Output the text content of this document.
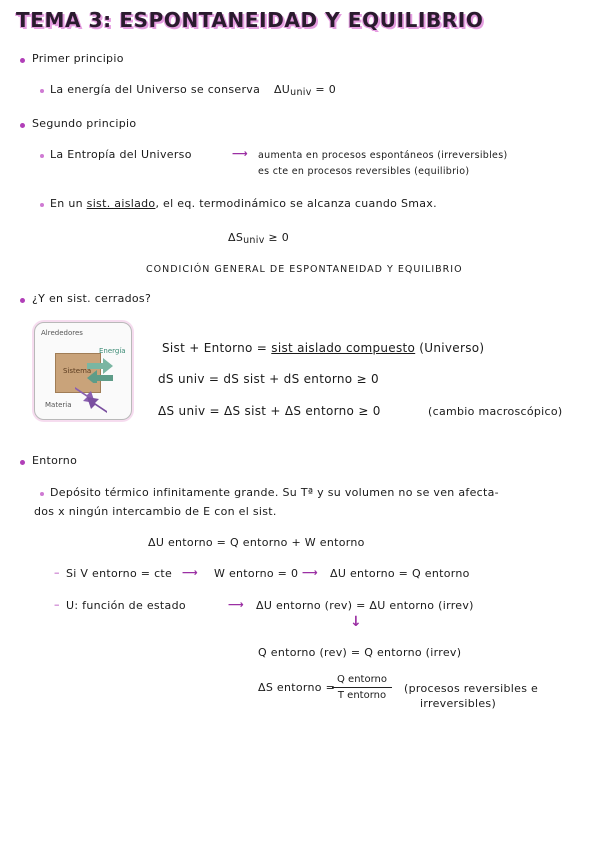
TEMA 3: ESPONTANEIDAD Y EQUILIBRIO
Primer principio
La energía del Universo se conserva ΔUuniv = 0
Segundo principio
La Entropía del Universo	⟶ aumenta en procesos espontáneos (irreversibles)
es cte en procesos reversibles (equilibrio)
En un sist. aislado, el eq. termodinámico se alcanza cuando Smax.
ΔSuniv ≥ 0
CONDICIÓN GENERAL DE ESPONTANEIDAD Y EQUILIBRIO
¿Y en sist. cerrados?
Alrededores
Sistema
Energía
Materia
Sist + Entorno = sist aislado compuesto (Universo)
dS univ = dS sist + dS entorno ≥ 0
ΔS univ = ΔS sist + ΔS entorno ≥ 0	(cambio macroscópico)
Entorno
Depósito térmico infinitamente grande. Su Tª y su volumen no se ven afecta-
dos x ningún intercambio de E con el sist.
ΔU entorno = Q entorno + W entorno
– Si V entorno = cte ⟶ W entorno = 0 ⟶ ΔU entorno = Q entorno
– U: función de estado	⟶ ΔU entorno (rev) = ΔU entorno (irrev)
↓
Q entorno (rev) = Q entorno (irrev)
ΔS entorno =
Q entorno
T entorno
(procesos reversibles e
irreversibles)
